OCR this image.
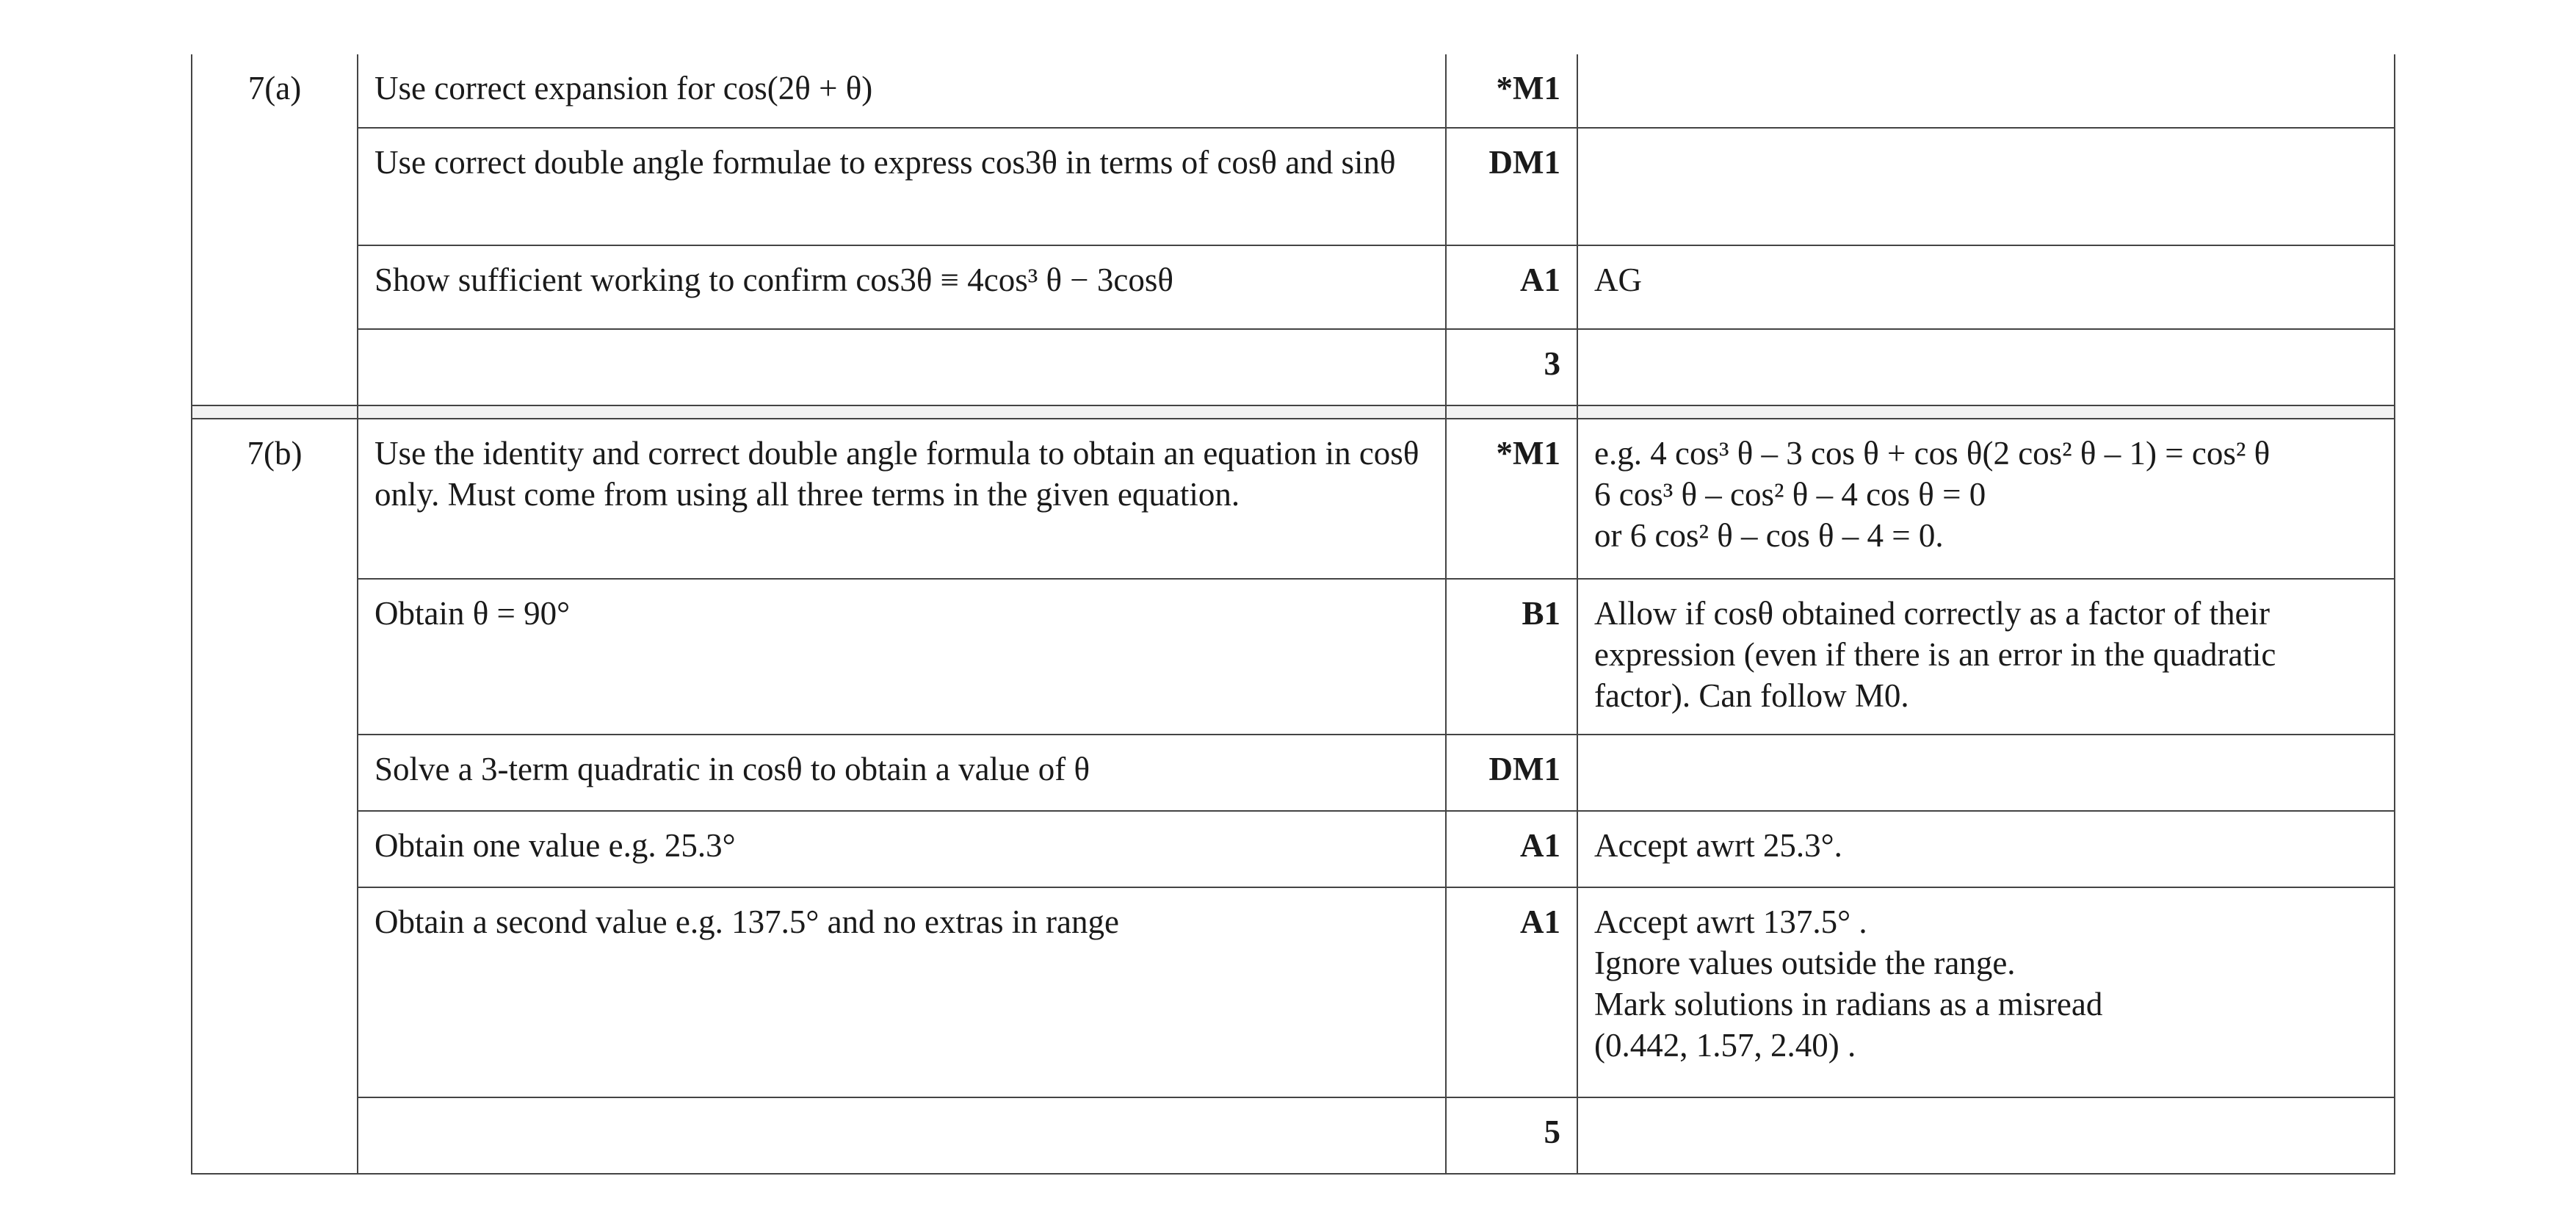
7(a)	Use correct expansion for cos(2θ + θ)	*M1	
	Use correct double angle formulae to express cos3θ in terms of cosθ and sinθ	DM1	
	Show sufficient working to confirm cos3θ ≡ 4cos³ θ − 3cosθ	A1	AG
		3	

7(b)	Use the identity and correct double angle formula to obtain an equation in cosθ only. Must come from using all three terms in the given equation.	*M1	e.g. 4 cos³ θ – 3 cos θ + cos θ(2 cos² θ – 1) = cos² θ
6 cos³ θ – cos² θ – 4 cos θ = 0
or 6 cos² θ – cos θ – 4 = 0.

	Obtain θ = 90°	B1	Allow if cosθ obtained correctly as a factor of their
expression (even if there is an error in the quadratic
factor). Can follow M0.

	Solve a 3-term quadratic in cosθ to obtain a value of θ	DM1	
	Obtain one value e.g. 25.3°	A1	Accept awrt 25.3°.

	Obtain a second value e.g. 137.5° and no extras in range	A1	Accept awrt 137.5° .
Ignore values outside the range.
Mark solutions in radians as a misread
(0.442, 1.57, 2.40) .

		5	
